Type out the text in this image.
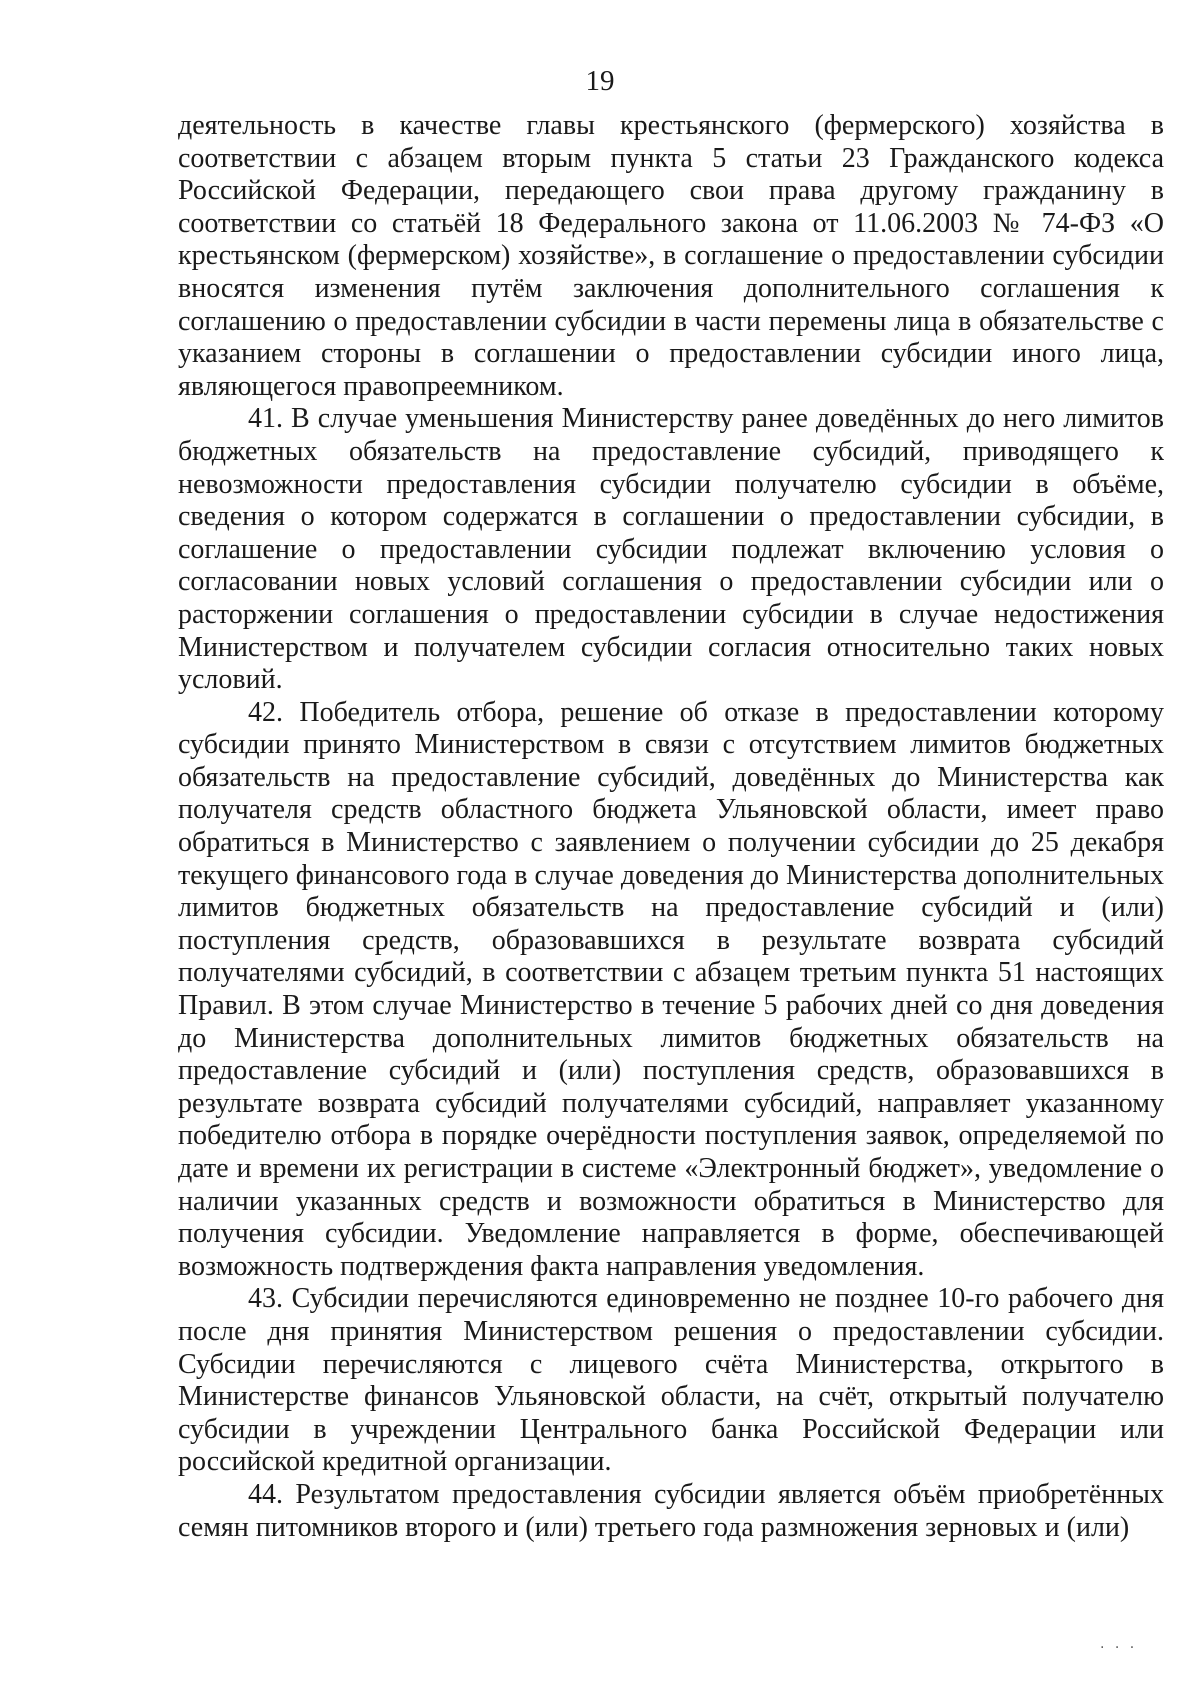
19

деятельность в качестве главы крестьянского (фермерского) хозяйства в соответствии с абзацем вторым пункта 5 статьи 23 Гражданского кодекса Российской Федерации, передающего свои права другому гражданину в соответствии со статьёй 18 Федерального закона от 11.06.2003 № 74-ФЗ «О крестьянском (фермерском) хозяйстве», в соглашение о предоставлении субсидии вносятся изменения путём заключения дополнительного соглашения к соглашению о предоставлении субсидии в части перемены лица в обязательстве с указанием стороны в соглашении о предоставлении субсидии иного лица, являющегося правопреемником.

41. В случае уменьшения Министерству ранее доведённых до него лимитов бюджетных обязательств на предоставление субсидий, приводящего к невозможности предоставления субсидии получателю субсидии в объёме, сведения о котором содержатся в соглашении о предоставлении субсидии, в соглашение о предоставлении субсидии подлежат включению условия о согласовании новых условий соглашения о предоставлении субсидии или о расторжении соглашения о предоставлении субсидии в случае недостижения Министерством и получателем субсидии согласия относительно таких новых условий.

42. Победитель отбора, решение об отказе в предоставлении которому субсидии принято Министерством в связи с отсутствием лимитов бюджетных обязательств на предоставление субсидий, доведённых до Министерства как получателя средств областного бюджета Ульяновской области, имеет право обратиться в Министерство с заявлением о получении субсидии до 25 декабря текущего финансового года в случае доведения до Министерства дополнительных лимитов бюджетных обязательств на предоставление субсидий и (или) поступления средств, образовавшихся в результате возврата субсидий получателями субсидий, в соответствии с абзацем третьим пункта 51 настоящих Правил. В этом случае Министерство в течение 5 рабочих дней со дня доведения до Министерства дополнительных лимитов бюджетных обязательств на предоставление субсидий и (или) поступления средств, образовавшихся в результате возврата субсидий получателями субсидий, направляет указанному победителю отбора в порядке очерёдности поступления заявок, определяемой по дате и времени их регистрации в системе «Электронный бюджет», уведомление о наличии указанных средств и возможности обратиться в Министерство для получения субсидии. Уведомление направляется в форме, обеспечивающей возможность подтверждения факта направления уведомления.

43. Субсидии перечисляются единовременно не позднее 10-го рабочего дня после дня принятия Министерством решения о предоставлении субсидии. Субсидии перечисляются с лицевого счёта Министерства, открытого в Министерстве финансов Ульяновской области, на счёт, открытый получателю субсидии в учреждении Центрального банка Российской Федерации или российской кредитной организации.

44. Результатом предоставления субсидии является объём приобретённых семян питомников второго и (или) третьего года размножения зерновых и (или)

· · ·
